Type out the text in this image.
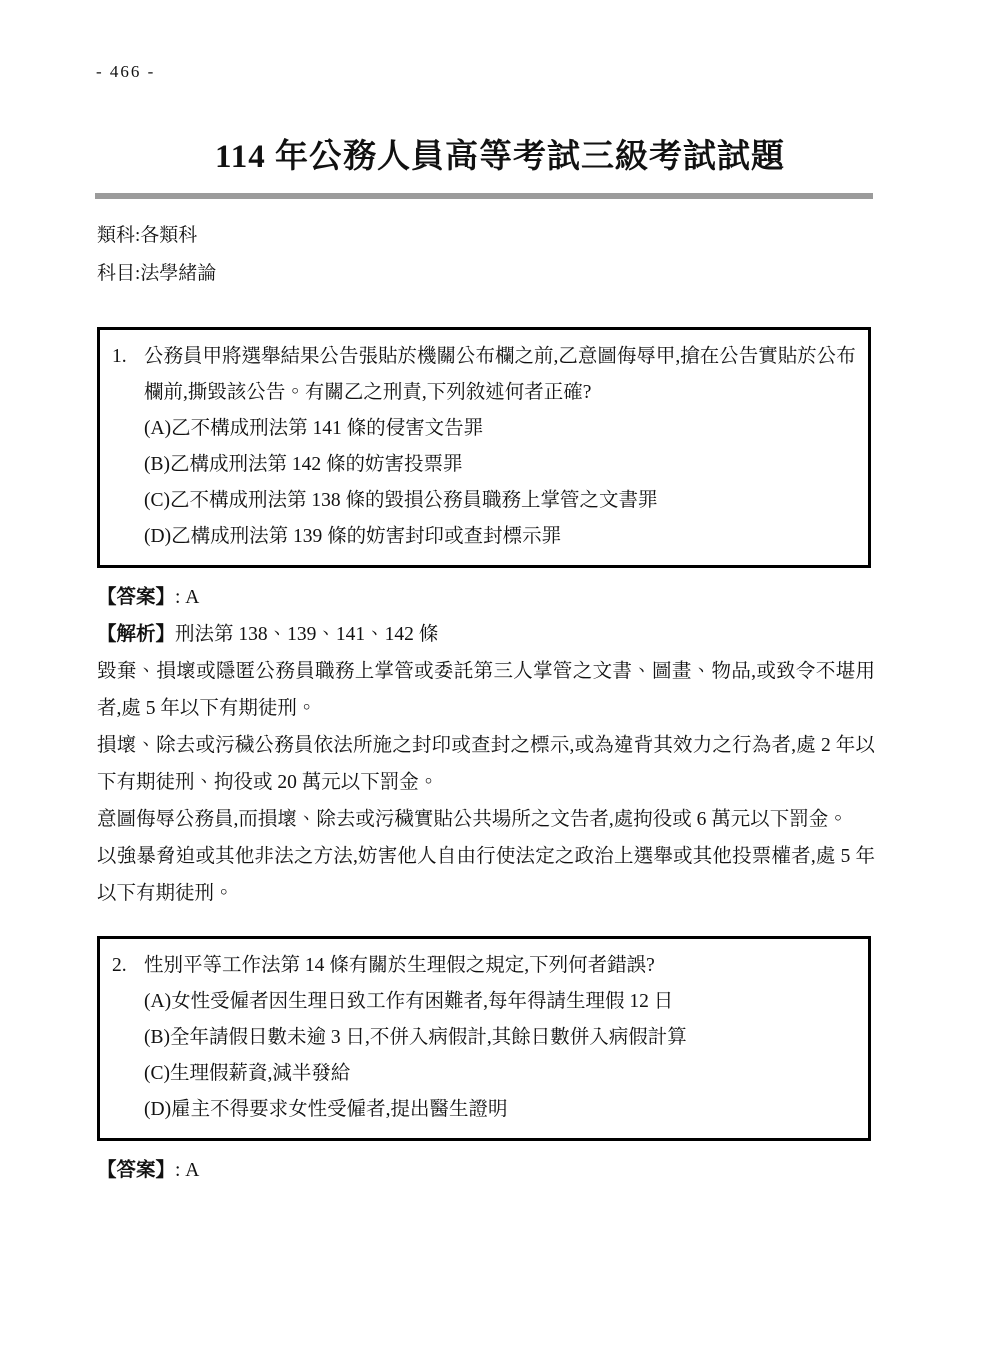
- 466 -
114 年公務人員高等考試三級考試試題
類科:各類科
科目:法學緒論
1. 公務員甲將選舉結果公告張貼於機關公布欄之前,乙意圖侮辱甲,搶在公告實貼於公布欄前,撕毀該公告。有關乙之刑責,下列敘述何者正確?
(A)乙不構成刑法第 141 條的侵害文告罪
(B)乙構成刑法第 142 條的妨害投票罪
(C)乙不構成刑法第 138 條的毀損公務員職務上掌管之文書罪
(D)乙構成刑法第 139 條的妨害封印或查封標示罪
【答案】: A
【解析】刑法第 138、139、141、142 條

毀棄、損壞或隱匿公務員職務上掌管或委託第三人掌管之文書、圖畫、物品,或致令不堪用者,處 5 年以下有期徒刑。

損壞、除去或污穢公務員依法所施之封印或查封之標示,或為違背其效力之行為者,處 2 年以下有期徒刑、拘役或 20 萬元以下罰金。

意圖侮辱公務員,而損壞、除去或污穢實貼公共場所之文告者,處拘役或 6 萬元以下罰金。

以強暴脅迫或其他非法之方法,妨害他人自由行使法定之政治上選舉或其他投票權者,處 5 年以下有期徒刑。

2. 性別平等工作法第 14 條有關於生理假之規定,下列何者錯誤?
(A)女性受僱者因生理日致工作有困難者,每年得請生理假 12 日
(B)全年請假日數未逾 3 日,不併入病假計,其餘日數併入病假計算
(C)生理假薪資,減半發給
(D)雇主不得要求女性受僱者,提出醫生證明
【答案】: A
